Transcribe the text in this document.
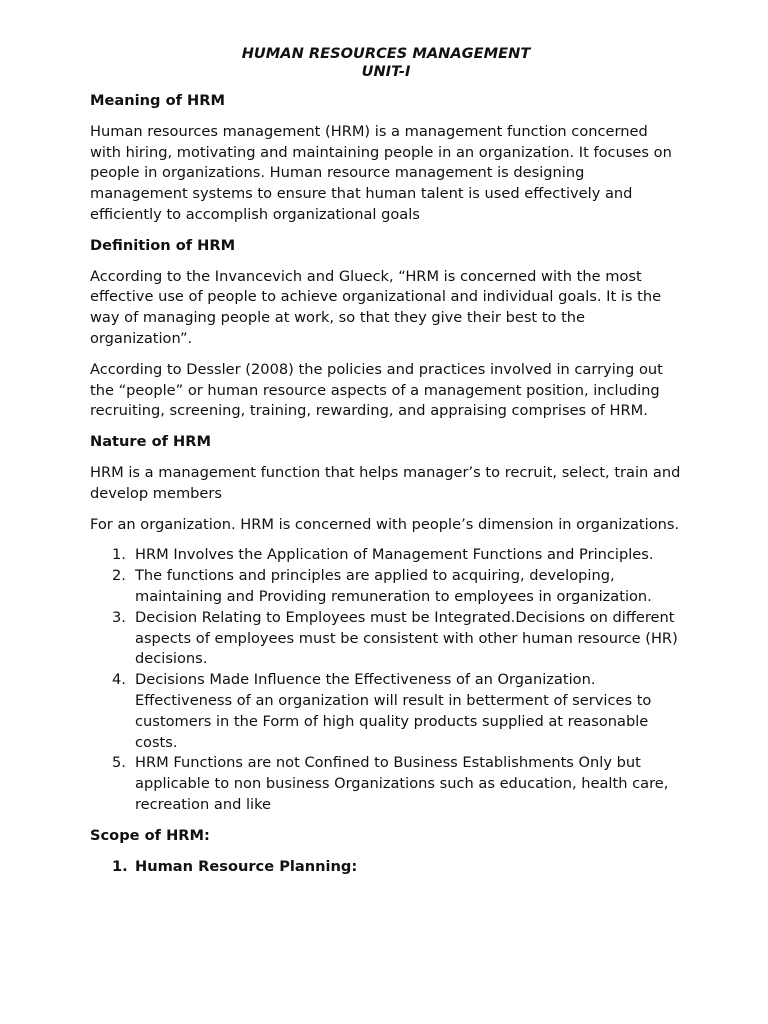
HUMAN RESOURCES MANAGEMENT
UNIT-I
Meaning of HRM

Human resources management (HRM) is a management function concerned with hiring, motivating and maintaining people in an organization. It focuses on people in organizations. Human resource management is designing management systems to ensure that human talent is used effectively and efficiently to accomplish organizational goals

Definition of HRM

According to the Invancevich and Glueck, “HRM is concerned with the most effective use of people to achieve organizational and individual goals. It is the way of managing people at work, so that they give their best to the organization”.

According to Dessler (2008) the policies and practices involved in carrying out the “people” or human resource aspects of a management position, including recruiting, screening, training, rewarding, and appraising comprises of HRM.

Nature of HRM

HRM is a management function that helps manager’s to recruit, select, train and develop members

For an organization. HRM is concerned with people’s dimension in organizations.

1. HRM Involves the Application of Management Functions and Principles.
2. The functions and principles are applied to acquiring, developing, maintaining and Providing remuneration to employees in organization.
3. Decision Relating to Employees must be Integrated.Decisions on different aspects of employees must be consistent with other human resource (HR) decisions.
4. Decisions Made Influence the Effectiveness of an Organization. Effectiveness of an organization will result in betterment of services to customers in the Form of high quality products supplied at reasonable costs.
5. HRM Functions are not Confined to Business Establishments Only but applicable to non business Organizations such as education, health care, recreation and like
Scope of HRM:
1. Human Resource Planning:
